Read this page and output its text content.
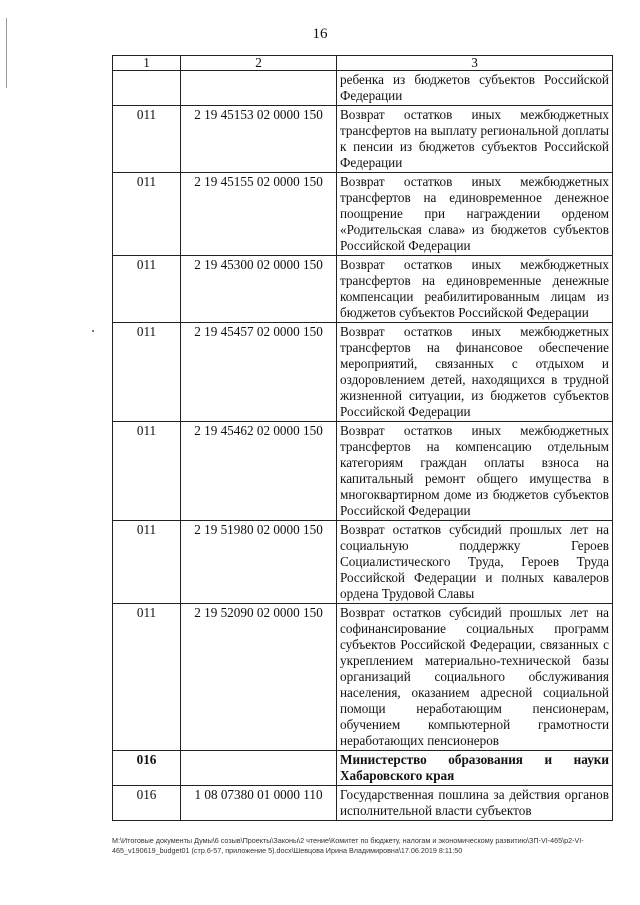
16
1	2	3
		ребенка из бюджетов субъектов Российской Федерации
011	2 19 45153 02 0000 150	Возврат остатков иных межбюджетных трансфертов на выплату региональной доплаты к пенсии из бюджетов субъектов Российской Федерации
011	2 19 45155 02 0000 150	Возврат остатков иных межбюджетных трансфертов на единовременное денежное поощрение при награждении орденом «Родительская слава» из бюджетов субъектов Российской Федерации
011	2 19 45300 02 0000 150	Возврат остатков иных межбюджетных трансфертов на единовременные денежные компенсации реабилитированным лицам из бюджетов субъектов Российской Федерации
011	2 19 45457 02 0000 150	Возврат остатков иных межбюджетных трансфертов на финансовое обеспечение мероприятий, связанных с отдыхом и оздоровлением детей, находящихся в трудной жизненной ситуации, из бюджетов субъектов Российской Федерации
011	2 19 45462 02 0000 150	Возврат остатков иных межбюджетных трансфертов на компенсацию отдельным категориям граждан оплаты взноса на капитальный ремонт общего имущества в многоквартирном доме из бюджетов субъектов Российской Федерации
011	2 19 51980 02 0000 150	Возврат остатков субсидий прошлых лет на социальную поддержку Героев Социалистического Труда, Героев Труда Российской Федерации и полных кавалеров ордена Трудовой Славы
011	2 19 52090 02 0000 150	Возврат остатков субсидий прошлых лет на софинансирование социальных программ субъектов Российской Федерации, связанных с укреплением материально-технической базы организаций социального обслуживания населения, оказанием адресной социальной помощи неработающим пенсионерам, обучением компьютерной грамотности неработающих пенсионеров
016		Министерство образования и науки Хабаровского края
016	1 08 07380 01 0000 110	Государственная пошлина за действия органов исполнительной власти субъектов
M:\Итоговые документы Думы\6 созыв\Проекты\Законы\2 чтение\Комитет по бюджету, налогам и экономическому развитию\ЗП-VI-465\p2-VI-465_v190619_budget01 (стр.6-57, приложение 5).docx\Шевцова Ирина Владимировна\17.06.2019 8:11:50
